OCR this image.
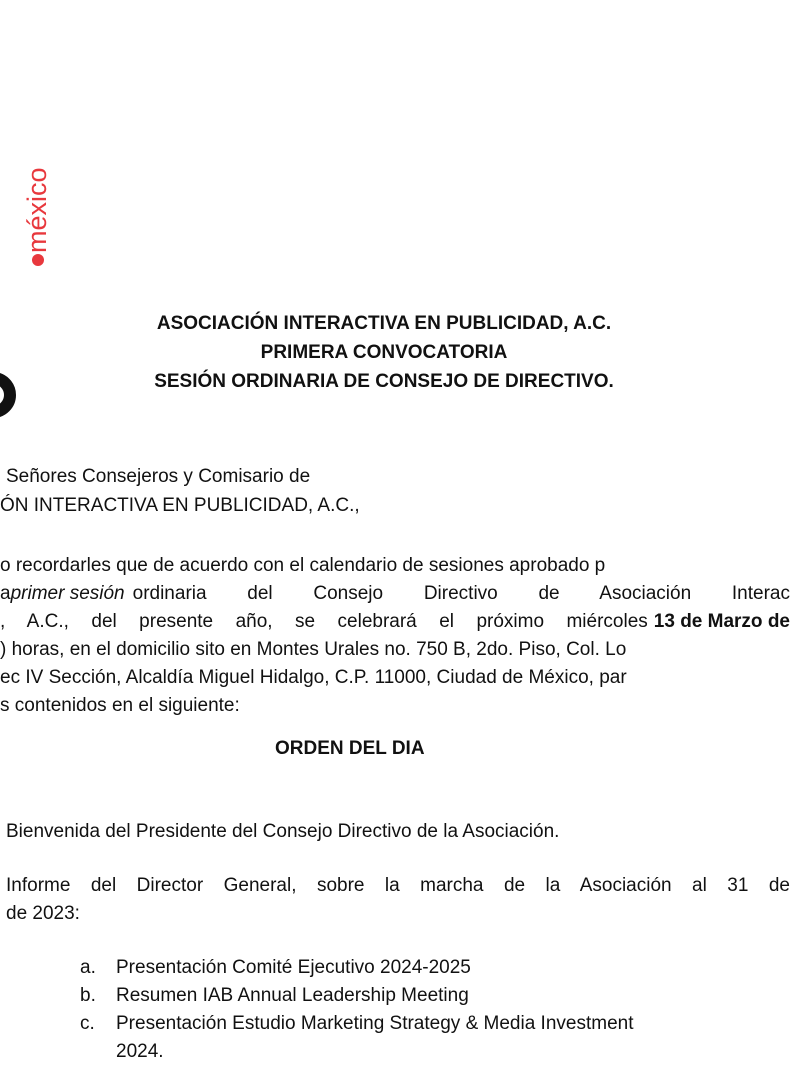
méxico
ASOCIACIÓN INTERACTIVA EN PUBLICIDAD, A.C.
PRIMERA CONVOCATORIA
SESIÓN ORDINARIA DE CONSEJO DE DIRECTIVO.
Señores Consejeros y Comisario de
ÓN INTERACTIVA EN PUBLICIDAD, A.C.,
o recordarles que de acuerdo con el calendario de sesiones aprobado p
a primer sesión ordinaria del Consejo Directivo de Asociación Interac
, A.C., del presente año, se celebrará el próximo miércoles 13 de Marzo de
) horas, en el domicilio sito en Montes Urales no. 750 B, 2do. Piso, Col. Lo
ec IV Sección, Alcaldía Miguel Hidalgo, C.P. 11000, Ciudad de México, par
s contenidos en el siguiente:
ORDEN DEL DIA
Bienvenida del Presidente del Consejo Directivo de la Asociación.
Informe del Director General, sobre la marcha de la Asociación al 31 de
de 2023:
a. Presentación Comité Ejecutivo 2024-2025
b. Resumen IAB Annual Leadership Meeting
c. Presentación Estudio Marketing Strategy & Media Investment
2024.
